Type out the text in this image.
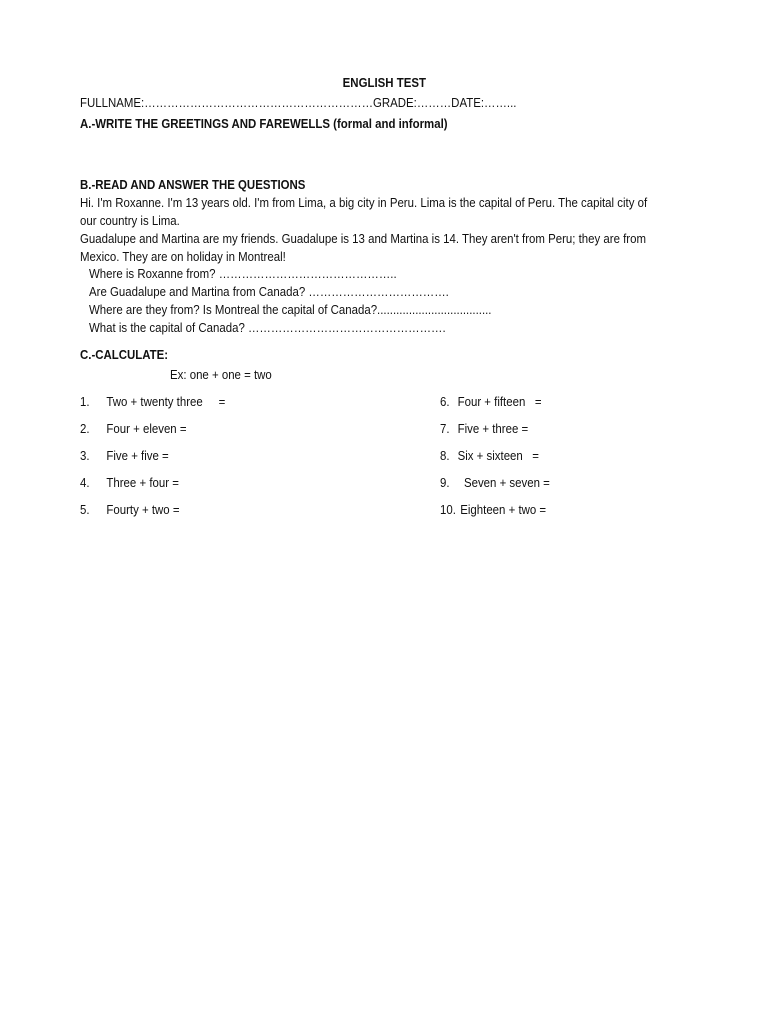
ENGLISH TEST
FULLNAME:……………………………………………………GRADE:………DATE:……...
A.-WRITE THE GREETINGS AND FAREWELLS (formal and informal)
B.-READ AND ANSWER THE QUESTIONS
Hi. I'm Roxanne. I'm 13 years old. I'm from Lima, a big city in Peru. Lima is the capital of Peru. The capital city of our country is Lima.
Guadalupe and Martina are my friends. Guadalupe is 13 and Martina is 14. They aren't from Peru; they are from Mexico. They are on holiday in Montreal!
Where is Roxanne from? ………………………………………..
Are Guadalupe and Martina from Canada? ……………………………….
Where are they from? Is Montreal the capital of Canada?....................................
What is the capital of Canada? …………………………………………….
C.-CALCULATE:
Ex: one + one = two
1. Two + twenty three     =
2. Four + eleven =
3. Five + five =
4. Three + four =
5. Fourty + two =
6. Four + fifteen   =
7. Five + three =
8. Six + sixteen   =
9.  Seven + seven =
10. Eighteen + two =
